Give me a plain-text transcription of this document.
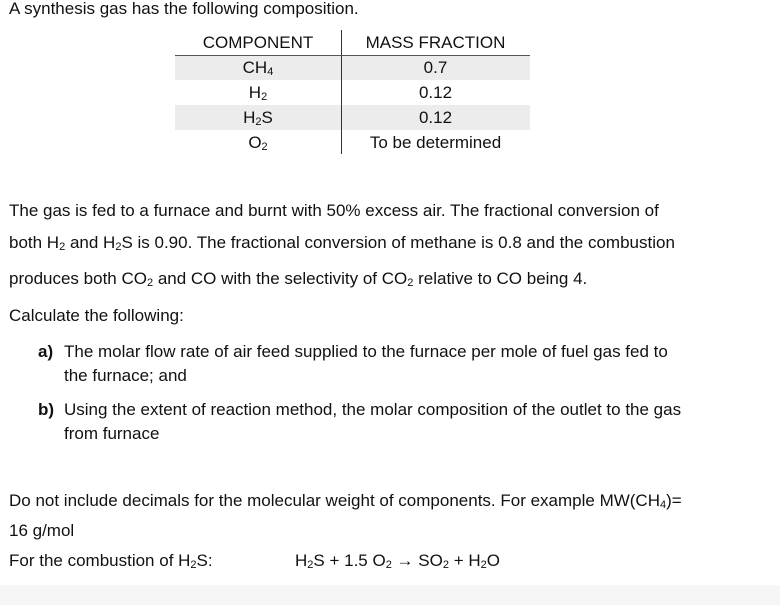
A synthesis gas has the following composition.
COMPONENT	MASS FRACTION
$CH_4$	0.7
$H_2$	0.12
$H_2S$	0.12
$O_2$	To be determined
The gas is fed to a furnace and burnt with 50% excess air. The fractional conversion of
both $H_2$ and $H_2S$ is 0.90. The fractional conversion of methane is 0.8 and the combustion
produces both $CO_2$ and CO with the selectivity of $CO_2$ relative to CO being 4.
Calculate the following:
a) The molar flow rate of air feed supplied to the furnace per mole of fuel gas fed to
the furnace; and
b) Using the extent of reaction method, the molar composition of the outlet to the gas
from furnace
Do not include decimals for the molecular weight of components. For example $MW(CH_4)=$
16 g/mol
For the combustion of $H_2S$:	$H_2S + 1.5$ $O_2 \to SO_2 + H_2O$
